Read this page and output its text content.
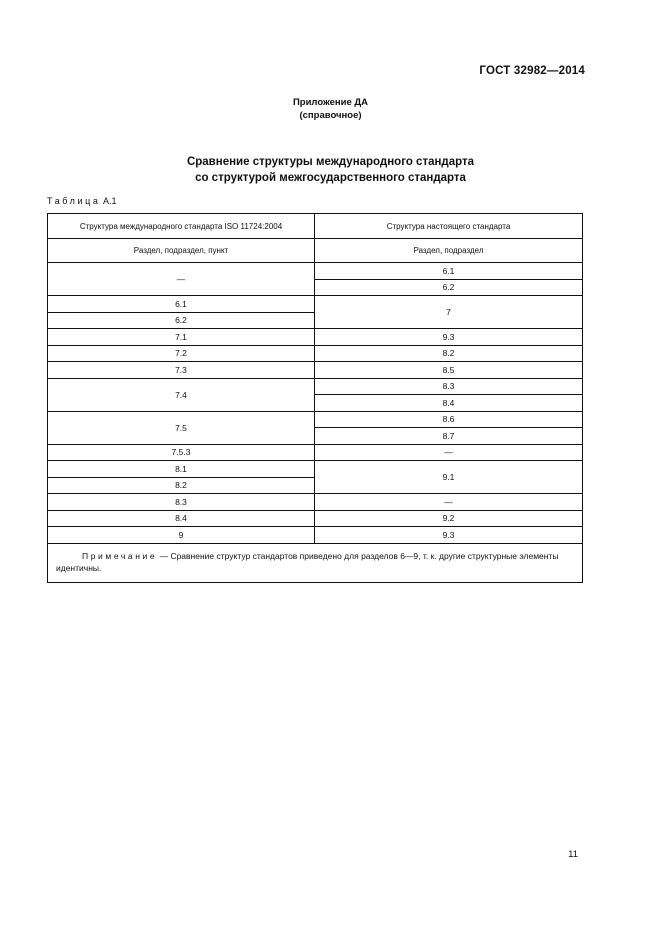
ГОСТ 32982—2014
Приложение ДА
(справочное)
Сравнение структуры международного стандарта
со структурой межгосударственного стандарта
Таблица А.1
Структура международного стандарта ISO 11724:2004	Структура настоящего стандарта
Раздел, подраздел, пункт	Раздел, подраздел
—	6.1
	6.2
6.1	7
6.2	
7.1	9.3
7.2	8.2
7.3	8.5
7.4	8.3
	8.4
7.5	8.6
	8.7
7.5.3	—
8.1	9.1
8.2	
8.3	—
8.4	9.2
9	9.3
Примечание — Сравнение структур стандартов приведено для разделов 6—9, т. к. другие структурные элементы идентичны.	
11
